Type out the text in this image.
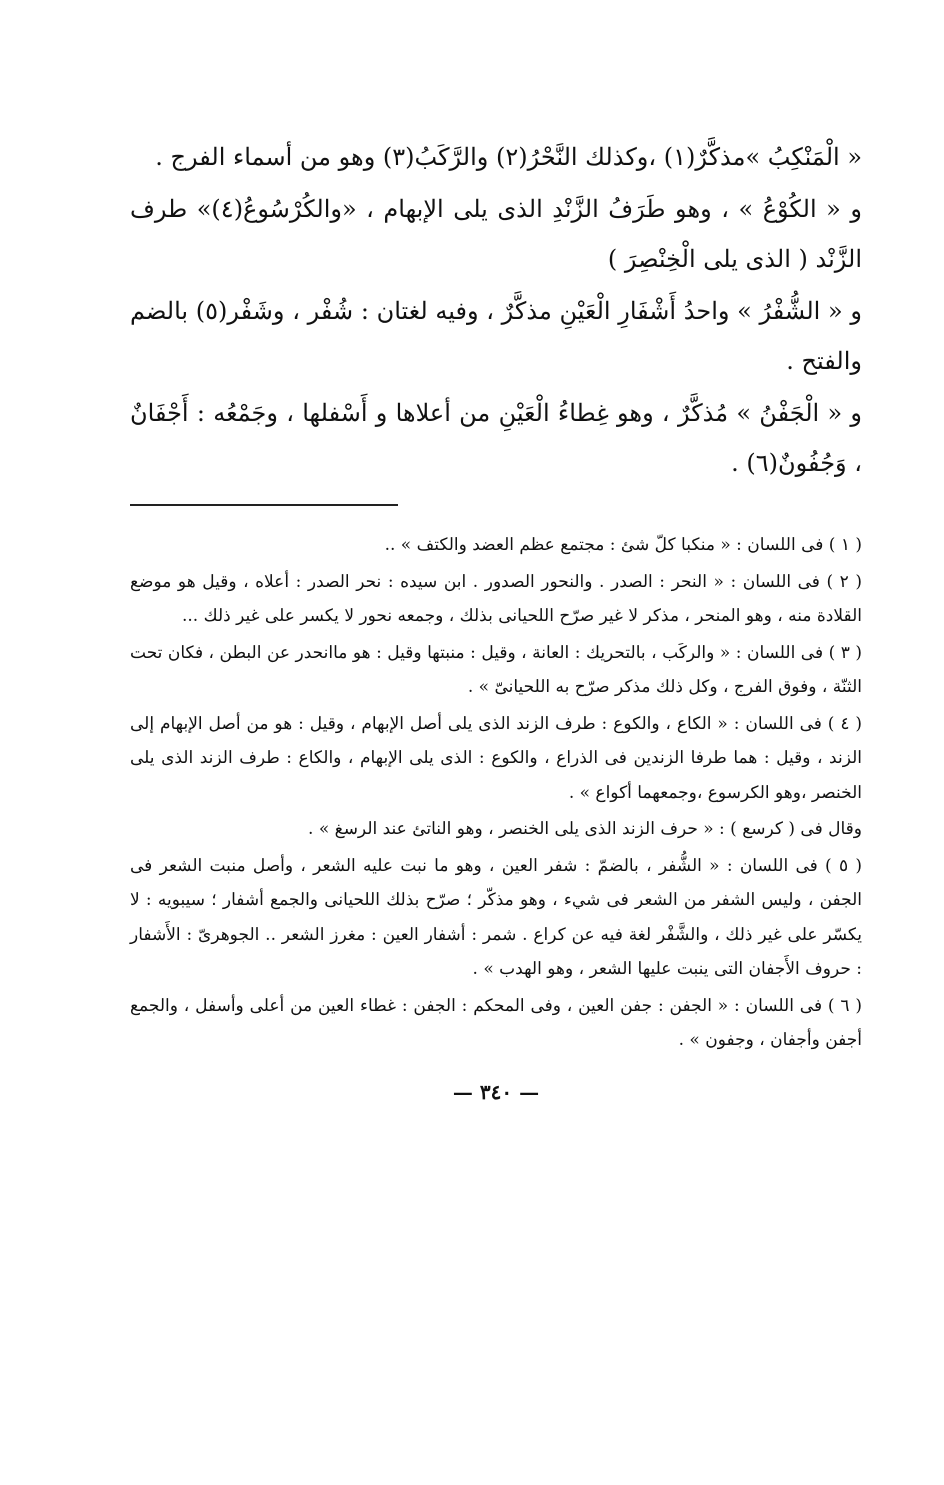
« الْمَنْكِبُ »مذكَّرٌ(١) ،وكذلك النَّحْرُ(٢) والرَّكَبُ(٣) وهو من أسماء الفرج .

و « الكُوْعُ » ، وهو طَرَفُ الزَّنْدِ الذى يلى الإبهام ، «والكُرْسُوعُ(٤)» طرف الزَّنْد ( الذى يلى الْخِنْصِرَ )

و « الشُّفْرُ » واحدُ أَشْفَارِ الْعَيْنِ مذكَّرٌ ، وفيه لغتان : شُفْر ، وشَفْر(٥) بالضم والفتح .

و « الْجَفْنُ » مُذكَّرٌ ، وهو غِطاءُ الْعَيْنِ من أعلاها و أَسْفلها ، وجَمْعُه : أَجْفَانٌ ، وَجُفُونٌ(٦) .

( ١ ) فى اللسان : « منكبا كلّ شئ : مجتمع عظم العضد والكتف » ..

( ٢ ) فى اللسان : « النحر : الصدر . والنحور الصدور . ابن سيده : نحر الصدر : أعلاه ، وقيل هو موضع القلادة منه ، وهو المنحر ، مذكر لا غير صرّح اللحيانى بذلك ، وجمعه نحور لا يكسر على غير ذلك ...

( ٣ ) فى اللسان : « والركَب ، بالتحريك : العانة ، وقيل : منبتها وقيل : هو ماانحدر عن البطن ، فكان تحت الثنّة ، وفوق الفرج ، وكل ذلك مذكر صرّح به اللحيانىّ » .

( ٤ ) فى اللسان : « الكاع ، والكوع : طرف الزند الذى يلى أصل الإبهام ، وقيل : هو من أصل الإبهام إلى الزند ، وقيل : هما طرفا الزندين فى الذراع ، والكوع : الذى يلى الإبهام ، والكاع : طرف الزند الذى يلى الخنصر ،وهو الكرسوع ،وجمعهما أكواع » .

وقال فى ( كرسع ) : « حرف الزند الذى يلى الخنصر ، وهو الناتئ عند الرسغ » .

( ٥ ) فى اللسان : « الشُّفر ، بالضمّ : شفر العين ، وهو ما نبت عليه الشعر ، وأصل منبت الشعر فى الجفن ، وليس الشفر من الشعر فى شيء ، وهو مذكّر ؛ صرّح بذلك اللحيانى والجمع أشفار ؛ سيبويه : لا يكسّر على غير ذلك ، والشَّفْر لغة فيه عن كراع . شمر : أشفار العين : مغرز الشعر .. الجوهرىّ : الأَشفار : حروف الأَجفان التى ينبت عليها الشعر ، وهو الهدب » .

( ٦ ) فى اللسان : « الجفن : جفن العين ، وفى المحكم : الجفن : غطاء العين من أعلى وأسفل ، والجمع أجفن وأجفان ، وجفون » .

— ٣٤٠ —
